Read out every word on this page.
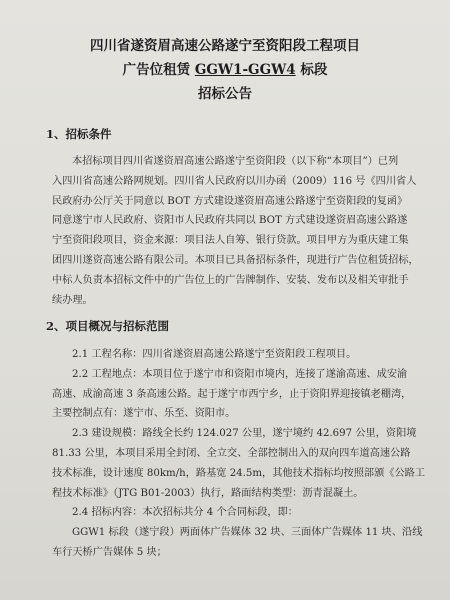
四川省遂资眉高速公路遂宁至资阳段工程项目
广告位租赁 GGW1-GGW4 标段
招标公告
1、招标条件
本招标项目四川省遂资眉高速公路遂宁至资阳段（以下称“本项目”）已列
入四川省高速公路网规划。四川省人民政府以川办函（2009）116 号《四川省人
民政府办公厅关于同意以 BOT 方式建设遂资眉高速公路遂宁至资阳段的复函》
同意遂宁市人民政府、资阳市人民政府共同以 BOT 方式建设遂资眉高速公路遂
宁至资阳段项目，资金来源：项目法人自筹、银行贷款。项目甲方为重庆建工集
团四川遂资高速公路有限公司。本项目已具备招标条件，现进行广告位租赁招标，
中标人负责本招标文件中的广告位上的广告牌制作、安装、发布以及相关审批手
续办理。
2、项目概况与招标范围
2.1 工程名称：四川省遂资眉高速公路遂宁至资阳段工程项目。
2.2 工程地点：本项目位于遂宁市和资阳市境内，连接了遂渝高速、成安渝
高速、成渝高速 3 条高速公路。起于遂宁市西宁乡，止于资阳界迎接镇老棚湾，
主要控制点有：遂宁市、乐至、资阳市。
2.3 建设规模：路线全长约 124.027 公里，遂宁境约 42.697 公里，资阳境
81.33 公里，本项目采用全封闭、全立交、全部控制出入的双向四车道高速公路
技术标准，设计速度 80km/h，路基宽 24.5m，其他技术指标均按照部颁《公路工
程技术标准》（JTG B01-2003）执行，路面结构类型：沥青混凝土。
2.4 招标内容：本次招标共分 4 个合同标段，即：
GGW1 标段（遂宁段）两面体广告媒体 32 块、三面体广告媒体 11 块、沿线
车行天桥广告媒体 5 块；
